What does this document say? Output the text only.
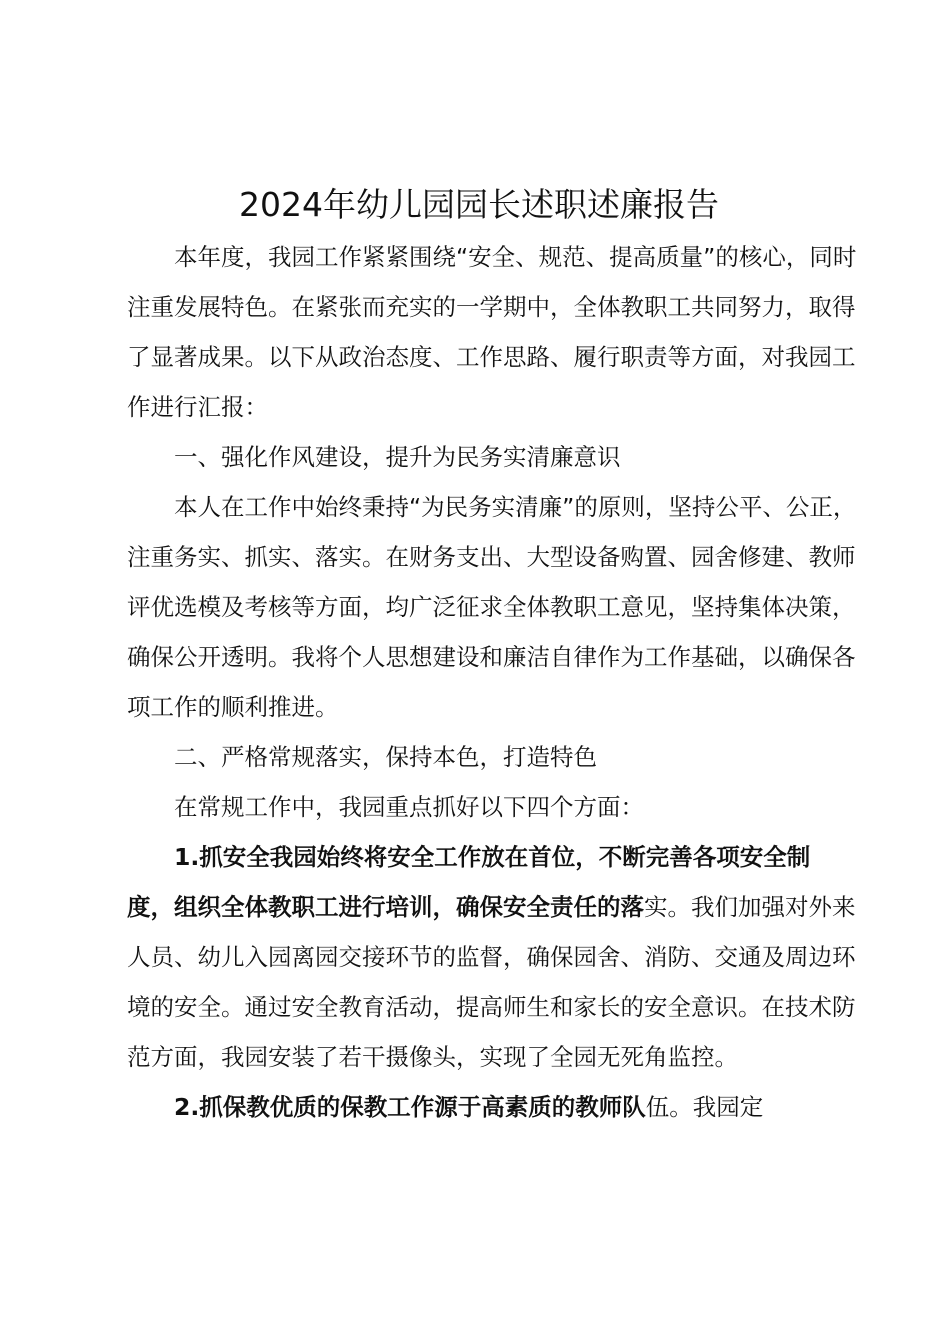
2024年幼儿园园长述职述廉报告

本年度，我园工作紧紧围绕“安全、规范、提高质量”的核心，同时注重发展特色。在紧张而充实的一学期中，全体教职工共同努力，取得了显著成果。以下从政治态度、工作思路、履行职责等方面，对我园工作进行汇报：

一、强化作风建设，提升为民务实清廉意识

本人在工作中始终秉持“为民务实清廉”的原则，坚持公平、公正，注重务实、抓实、落实。在财务支出、大型设备购置、园舍修建、教师评优选模及考核等方面，均广泛征求全体教职工意见，坚持集体决策，确保公开透明。我将个人思想建设和廉洁自律作为工作基础，以确保各项工作的顺利推进。

二、严格常规落实，保持本色，打造特色

在常规工作中，我园重点抓好以下四个方面：

1.抓安全我园始终将安全工作放在首位，不断完善各项安全制度，组织全体教职工进行培训，确保安全责任的落实。我们加强对外来人员、幼儿入园离园交接环节的监督，确保园舍、消防、交通及周边环境的安全。通过安全教育活动，提高师生和家长的安全意识。在技术防范方面，我园安装了若干摄像头，实现了全园无死角监控。

2.抓保教优质的保教工作源于高素质的教师队伍。我园定
